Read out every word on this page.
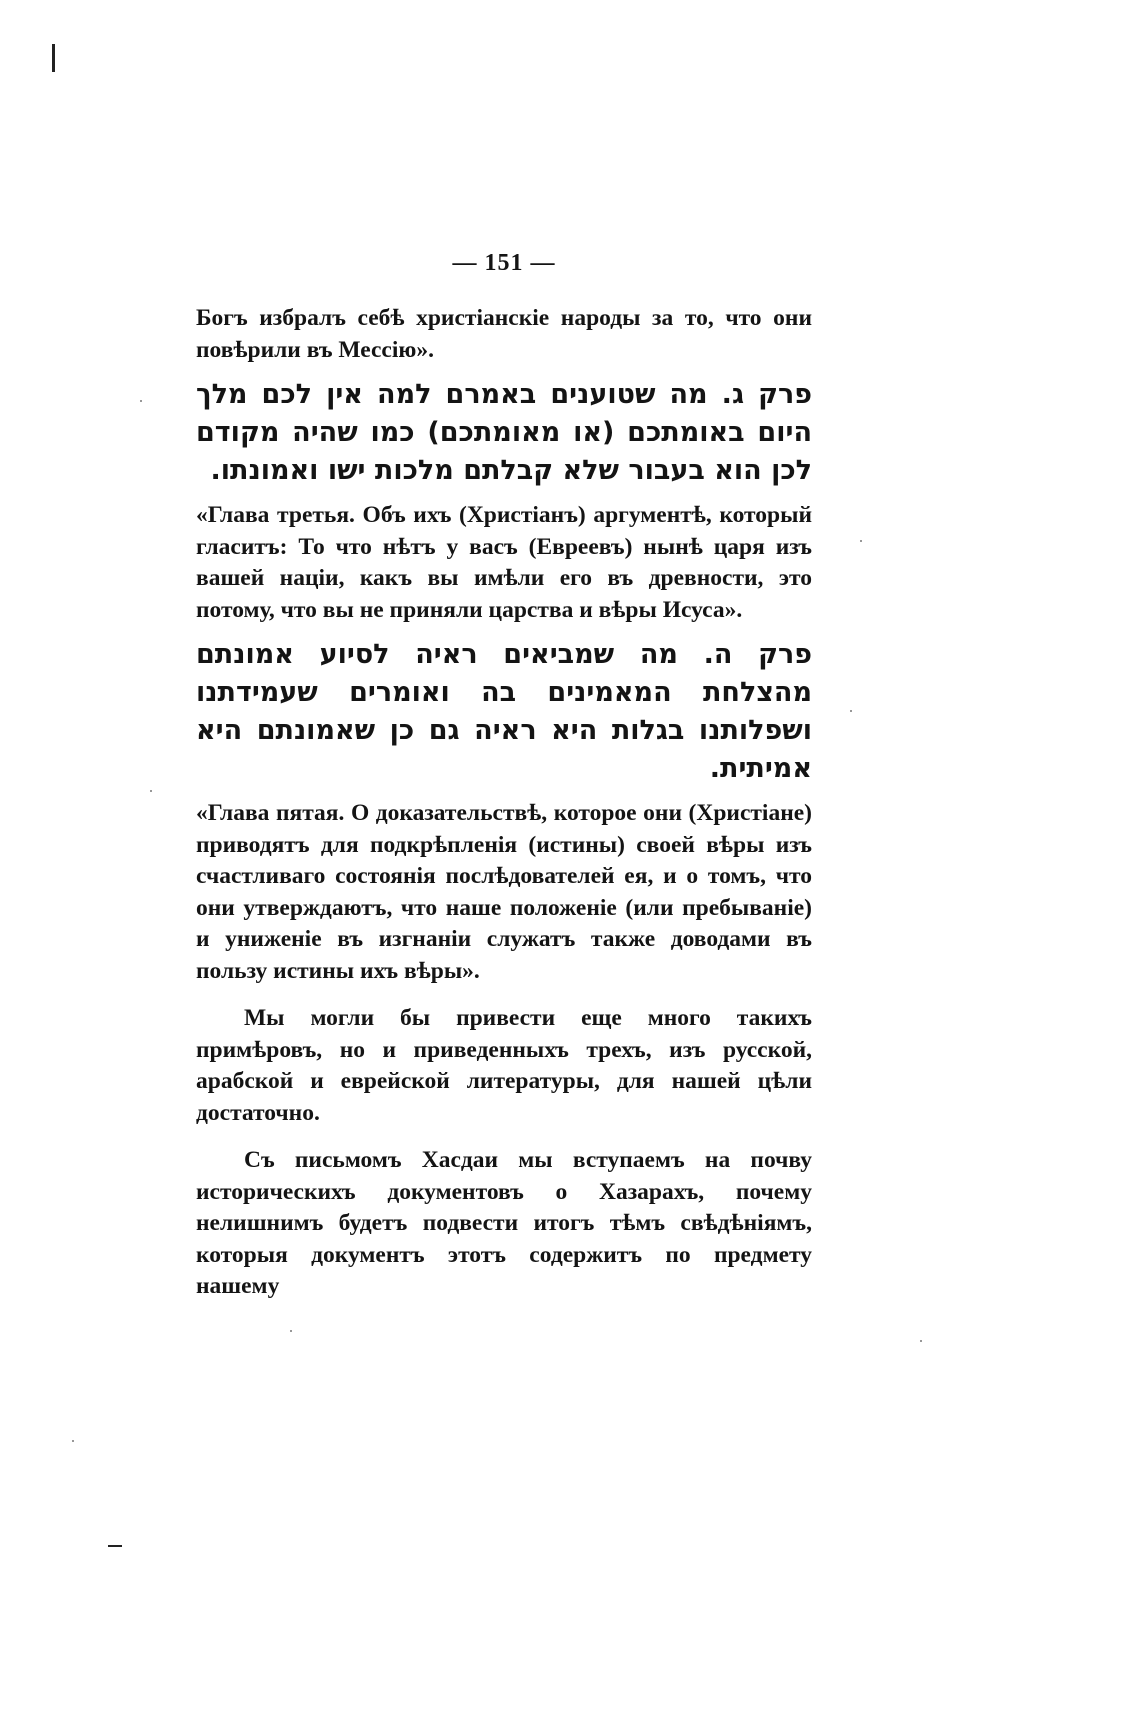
— 151 —

Богъ избралъ себѣ христіанскіе народы за то, что они повѣрили въ Мессію».

פרק ג. מה שטוענים באמרם למה אין לכם מלך היום באומתכם (או מאומתכם) כמו שהיה מקודם לכן הוא בעבור שלא קבלתם מלכות ישו ואמונתו.

«Глава третья. Объ ихъ (Христіанъ) аргументѣ, который гласитъ: То что нѣтъ у васъ (Евреевъ) нынѣ царя изъ вашей націи, какъ вы имѣли его въ древности, это потому, что вы не приняли царства и вѣры Исуса».

פרק ה. מה שמביאים ראיה לסיוע אמונתם מהצלחת המאמינים בה ואומרים שעמידתנו ושפלותנו בגלות היא ראיה גם כן שאמונתם היא אמיתית.

«Глава пятая. О доказательствѣ, которое они (Христіане) приводятъ для подкрѣпленія (истины) своей вѣры изъ счастливаго состоянія послѣдователей ея, и о томъ, что они утверждаютъ, что наше положеніе (или пребываніе) и униженіе въ изгнаніи служатъ также доводами въ пользу истины ихъ вѣры».

Мы могли бы привести еще много такихъ примѣровъ, но и приведенныхъ трехъ, изъ русской, арабской и еврейской литературы, для нашей цѣли достаточно.

Съ письмомъ Хасдаи мы вступаемъ на почву историческихъ документовъ о Хазарахъ, почему нелишнимъ будетъ подвести итогъ тѣмъ свѣдѣніямъ, которыя документъ этотъ содержитъ по предмету нашему
